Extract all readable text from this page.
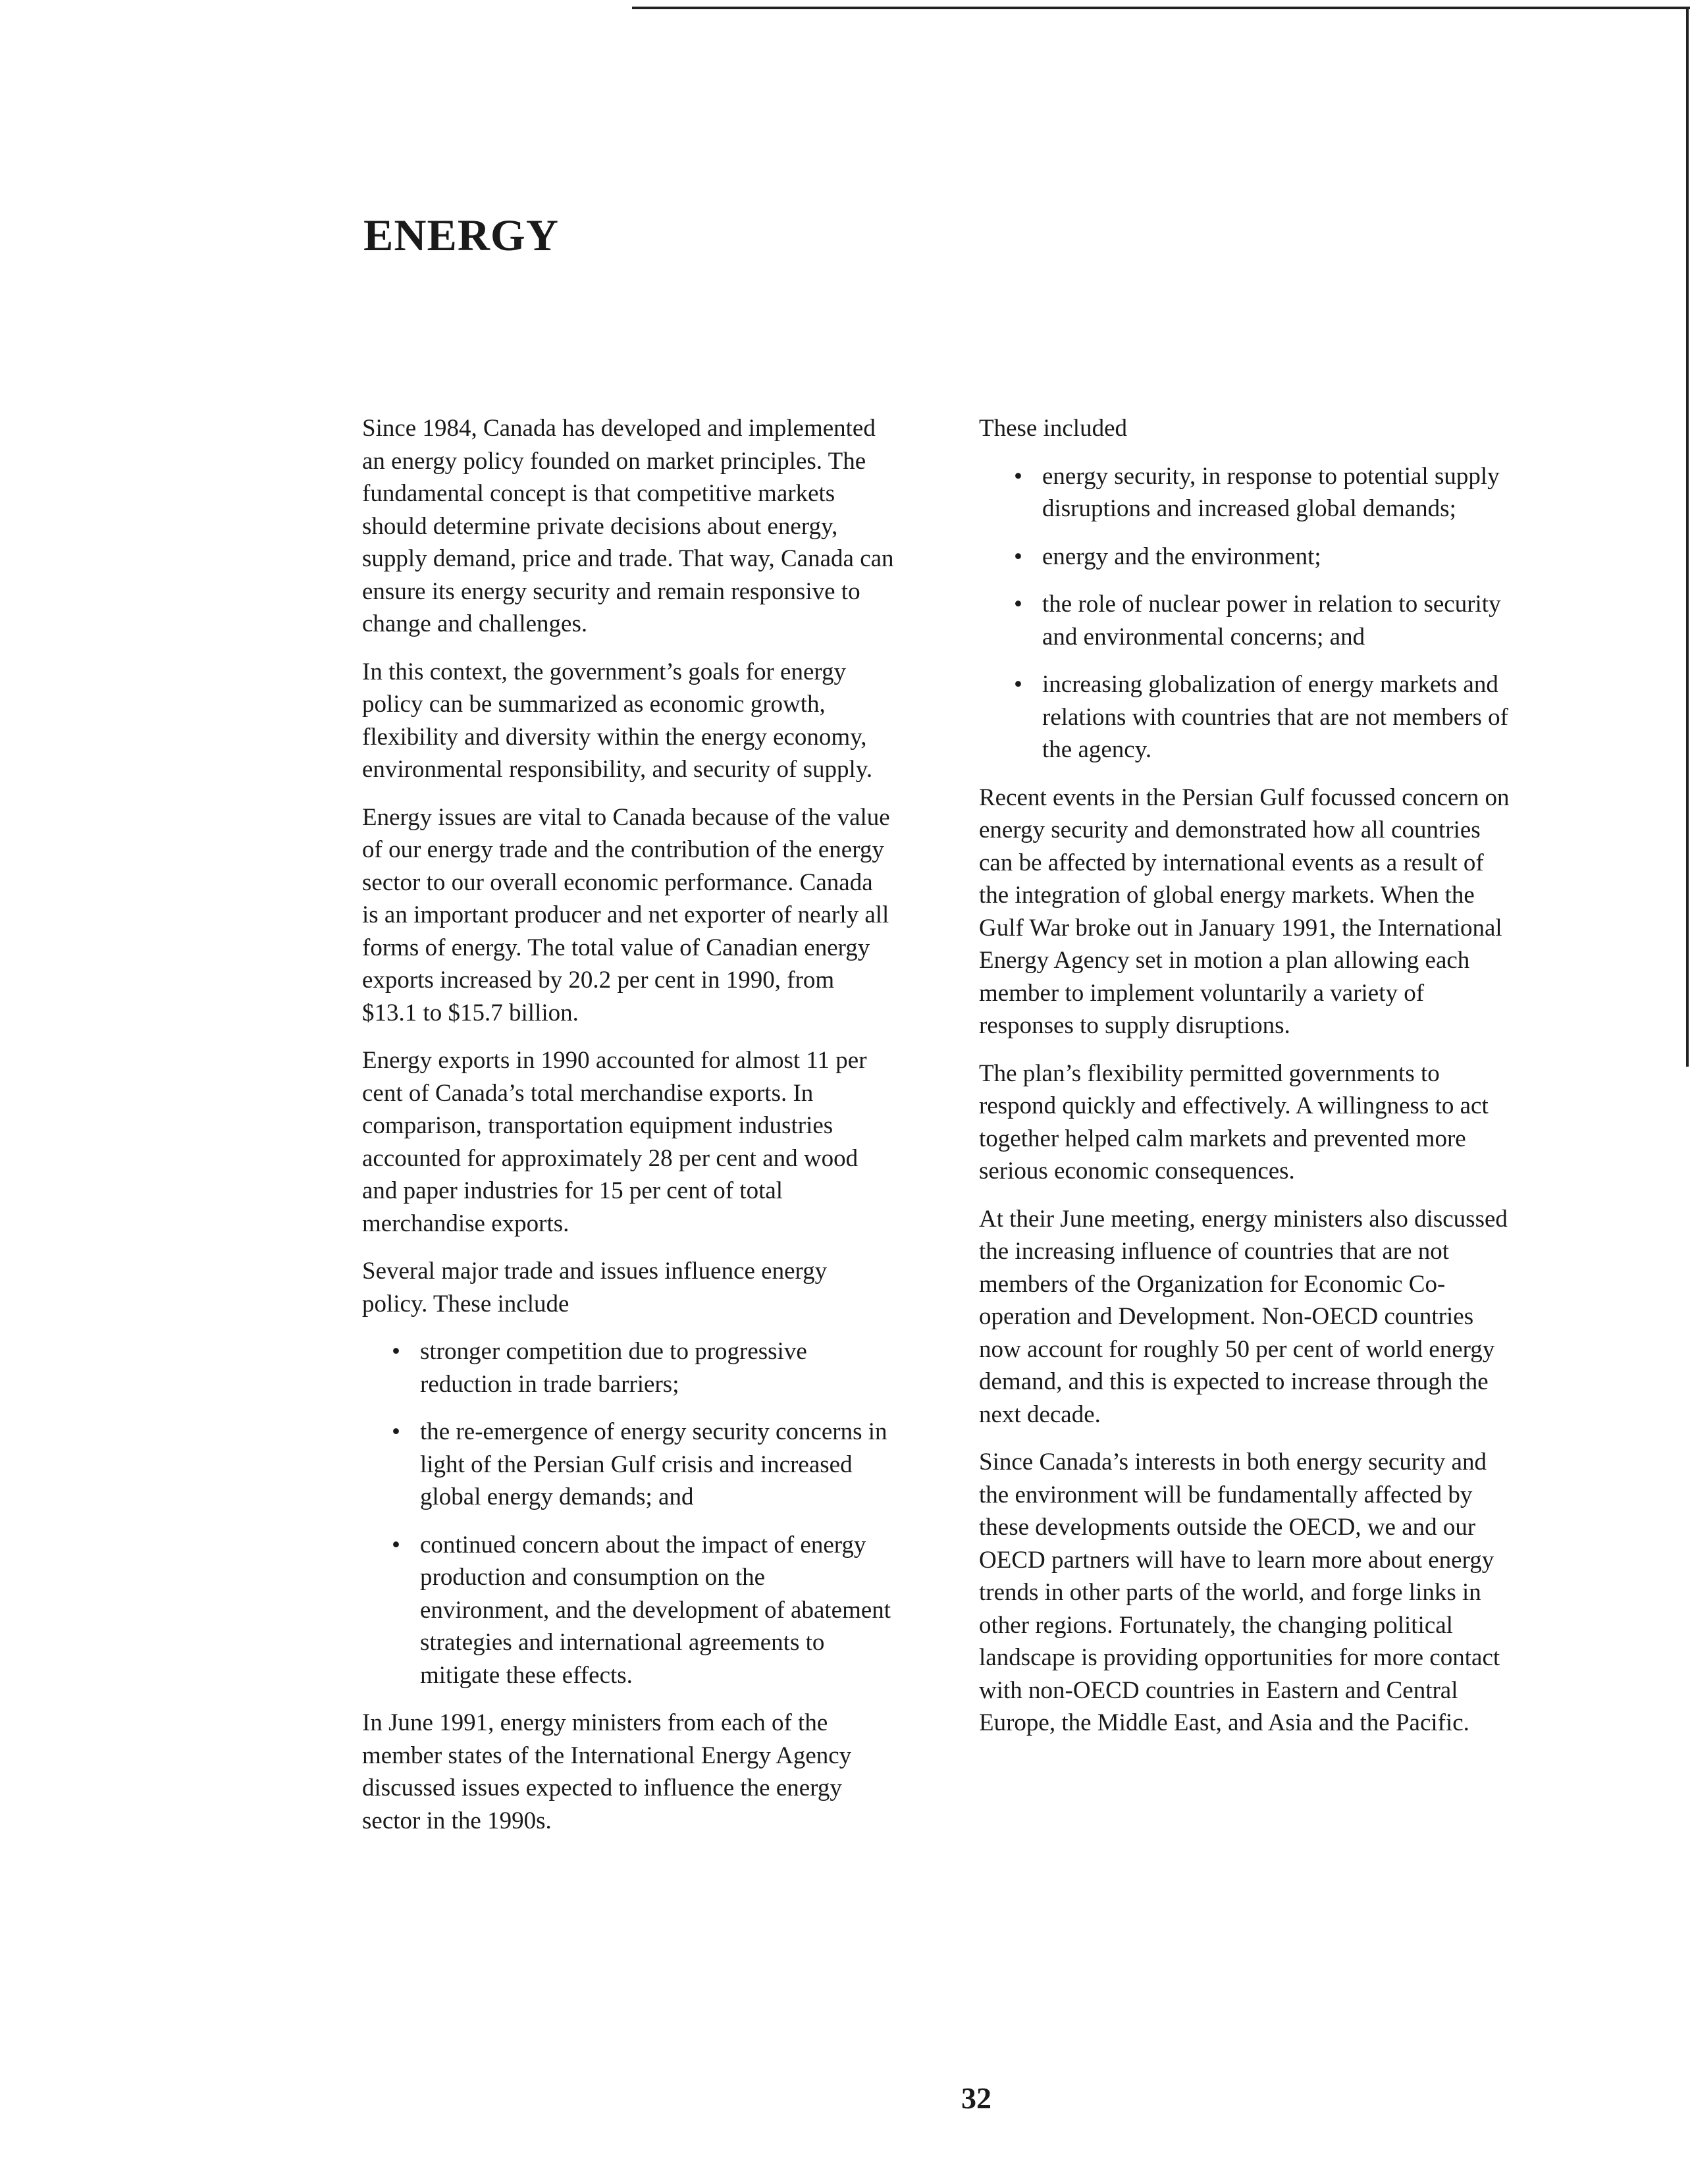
ENERGY

Since 1984, Canada has developed and implemented an energy policy founded on market principles. The fundamental concept is that competitive markets should determine private decisions about energy, supply demand, price and trade. That way, Canada can ensure its energy security and remain responsive to change and challenges.

In this context, the government’s goals for energy policy can be summarized as economic growth, flexibility and diversity within the energy economy, environmental responsibility, and security of supply.

Energy issues are vital to Canada because of the value of our energy trade and the contribution of the energy sector to our overall economic performance. Canada is an important producer and net exporter of nearly all forms of energy. The total value of Canadian energy exports increased by 20.2 per cent in 1990, from $13.1 to $15.7 billion.

Energy exports in 1990 accounted for almost 11 per cent of Canada’s total merchandise exports. In comparison, transportation equipment industries accounted for approximately 28 per cent and wood and paper industries for 15 per cent of total merchandise exports.

Several major trade and issues influence energy policy. These include

• stronger competition due to progressive reduction in trade barriers;
• the re-emergence of energy security concerns in light of the Persian Gulf crisis and increased global energy demands; and
• continued concern about the impact of energy production and consumption on the environment, and the development of abatement strategies and international agreements to mitigate these effects.

In June 1991, energy ministers from each of the member states of the International Energy Agency discussed issues expected to influence the energy sector in the 1990s.

These included

• energy security, in response to potential supply disruptions and increased global demands;
• energy and the environment;
• the role of nuclear power in relation to security and environmental concerns; and
• increasing globalization of energy markets and relations with countries that are not members of the agency.

Recent events in the Persian Gulf focussed concern on energy security and demonstrated how all countries can be affected by international events as a result of the integration of global energy markets. When the Gulf War broke out in January 1991, the International Energy Agency set in motion a plan allowing each member to implement voluntarily a variety of responses to supply disruptions.

The plan’s flexibility permitted governments to respond quickly and effectively. A willingness to act together helped calm markets and prevented more serious economic consequences.

At their June meeting, energy ministers also discussed the increasing influence of countries that are not members of the Organization for Economic Co-operation and Development. Non-OECD countries now account for roughly 50 per cent of world energy demand, and this is expected to increase through the next decade.

Since Canada’s interests in both energy security and the environment will be fundamentally affected by these developments outside the OECD, we and our OECD partners will have to learn more about energy trends in other parts of the world, and forge links in other regions. Fortunately, the changing political landscape is providing opportunities for more contact with non-OECD countries in Eastern and Central Europe, the Middle East, and Asia and the Pacific.

32
